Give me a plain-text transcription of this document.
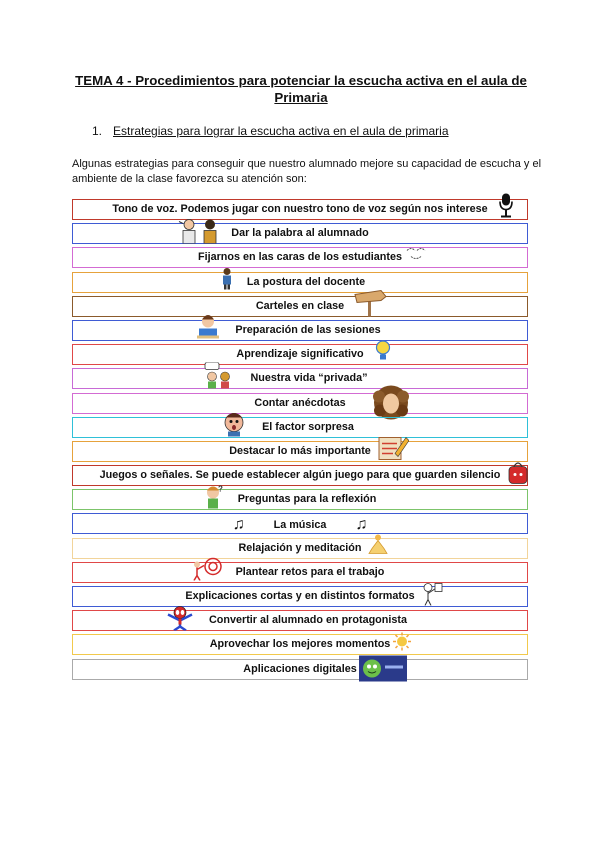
TEMA 4 - Procedimientos para potenciar la escucha activa en el aula de Primaria
1. Estrategias para lograr la escucha activa en el aula de primaria
Algunas estrategias para conseguir que nuestro alumnado mejore su capacidad de escucha y el ambiente de la clase favorezca su atención son:
Tono de voz. Podemos jugar con nuestro tono de voz según nos interese
Dar la palabra al alumnado
Fijarnos en las caras de los estudiantes
La postura del docente
Carteles en clase
Preparación de las sesiones
Aprendizaje significativo
Nuestra vida “privada”
Contar anécdotas
El factor sorpresa
Destacar lo más importante
Juegos o señales. Se puede establecer algún juego para que guarden silencio
?
Preguntas para la reflexión
♫	La música ♫
Relajación y meditación
Plantear retos para el trabajo
Explicaciones cortas y en distintos formatos
Convertir al alumnado en protagonista
Aprovechar los mejores momentos
Aplicaciones digitales
